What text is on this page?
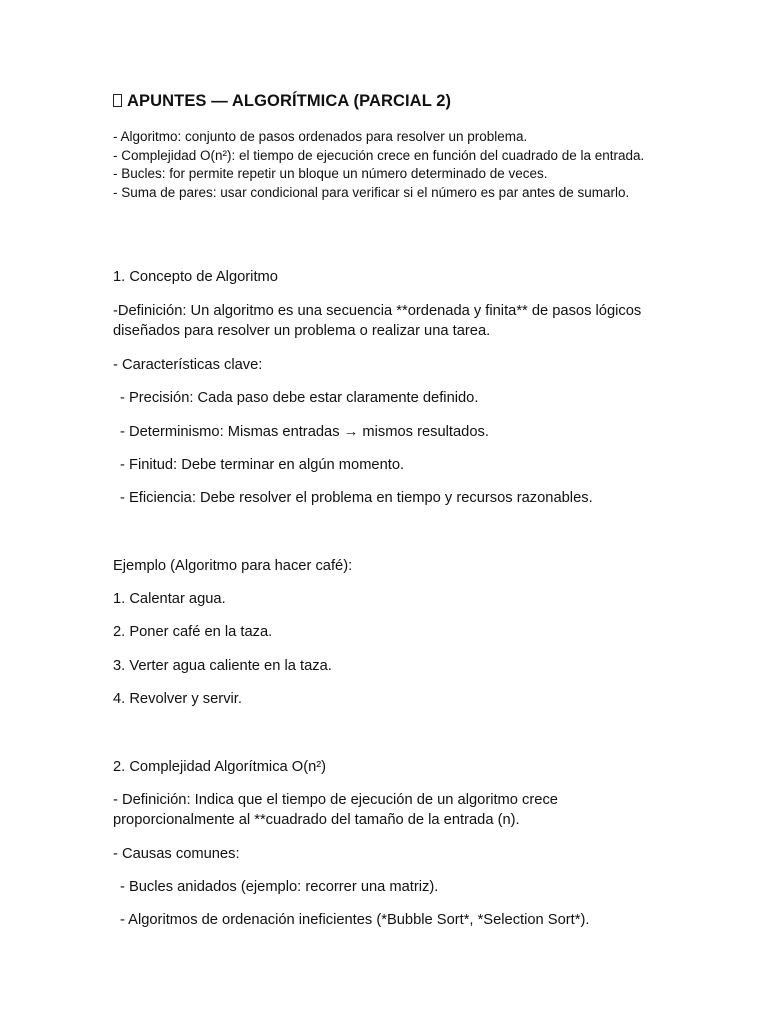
APUNTES — ALGORÍTMICA (PARCIAL 2)
- Algoritmo: conjunto de pasos ordenados para resolver un problema.
- Complejidad O(n²): el tiempo de ejecución crece en función del cuadrado de la entrada.
- Bucles: for permite repetir un bloque un número determinado de veces.
- Suma de pares: usar condicional para verificar si el número es par antes de sumarlo.
1. Concepto de Algoritmo
-Definición: Un algoritmo es una secuencia **ordenada y finita** de pasos lógicos diseñados para resolver un problema o realizar una tarea.
- Características clave:
- Precisión: Cada paso debe estar claramente definido.
- Determinismo: Mismas entradas → mismos resultados.
- Finitud: Debe terminar en algún momento.
- Eficiencia: Debe resolver el problema en tiempo y recursos razonables.
Ejemplo (Algoritmo para hacer café):
1. Calentar agua.
2. Poner café en la taza.
3. Verter agua caliente en la taza.
4. Revolver y servir.
2. Complejidad Algorítmica O(n²)
- Definición: Indica que el tiempo de ejecución de un algoritmo crece proporcionalmente al **cuadrado del tamaño de la entrada (n).
- Causas comunes:
- Bucles anidados (ejemplo: recorrer una matriz).
- Algoritmos de ordenación ineficientes (*Bubble Sort*, *Selection Sort*).
